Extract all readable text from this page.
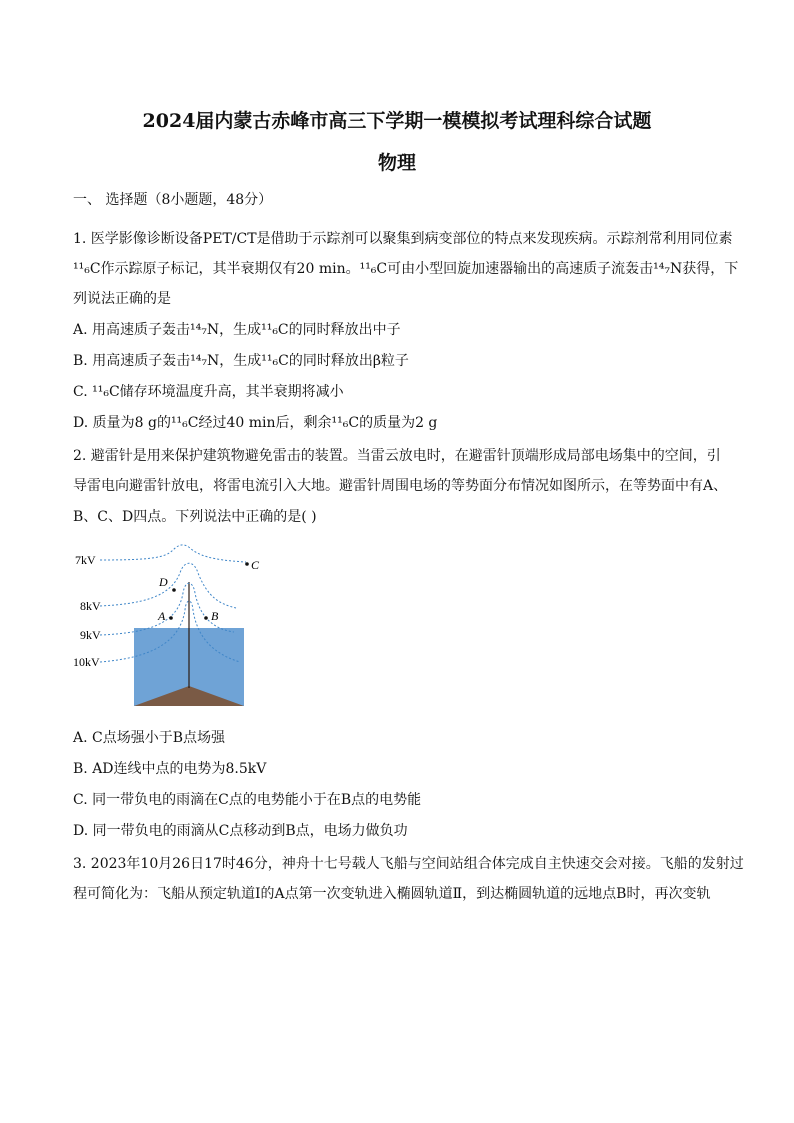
2024届内蒙古赤峰市高三下学期一模模拟考试理科综合试题
物理
一、 选择题（8小题题，48分）
1. 医学影像诊断设备PET/CT是借助于示踪剂可以聚集到病变部位的特点来发现疾病。示踪剂常利用同位素
¹¹₆C作示踪原子标记，其半衰期仅有20 min。¹¹₆C可由小型回旋加速器输出的高速质子流轰击¹⁴₇N获得，下
列说法正确的是
A. 用高速质子轰击¹⁴₇N，生成¹¹₆C的同时释放出中子
B. 用高速质子轰击¹⁴₇N，生成¹¹₆C的同时释放出β粒子
C. ¹¹₆C储存环境温度升高，其半衰期将减小
D. 质量为8 g的¹¹₆C经过40 min后，剩余¹¹₆C的质量为2 g
2. 避雷针是用来保护建筑物避免雷击的装置。当雷云放电时，在避雷针顶端形成局部电场集中的空间，引
导雷电向避雷针放电，将雷电流引入大地。避雷针周围电场的等势面分布情况如图所示，在等势面中有A、
B、C、D四点。下列说法中正确的是( )
7kV
8kV
9kV
10kV
C
D
A	B
A. C点场强小于B点场强
B. AD连线中点的电势为8.5kV
C. 同一带负电的雨滴在C点的电势能小于在B点的电势能
D. 同一带负电的雨滴从C点移动到B点，电场力做负功
3. 2023年10月26日17时46分，神舟十七号载人飞船与空间站组合体完成自主快速交会对接。飞船的发射过
程可简化为：飞船从预定轨道Ⅰ的A点第一次变轨进入椭圆轨道Ⅱ，到达椭圆轨道的远地点B时，再次变轨
